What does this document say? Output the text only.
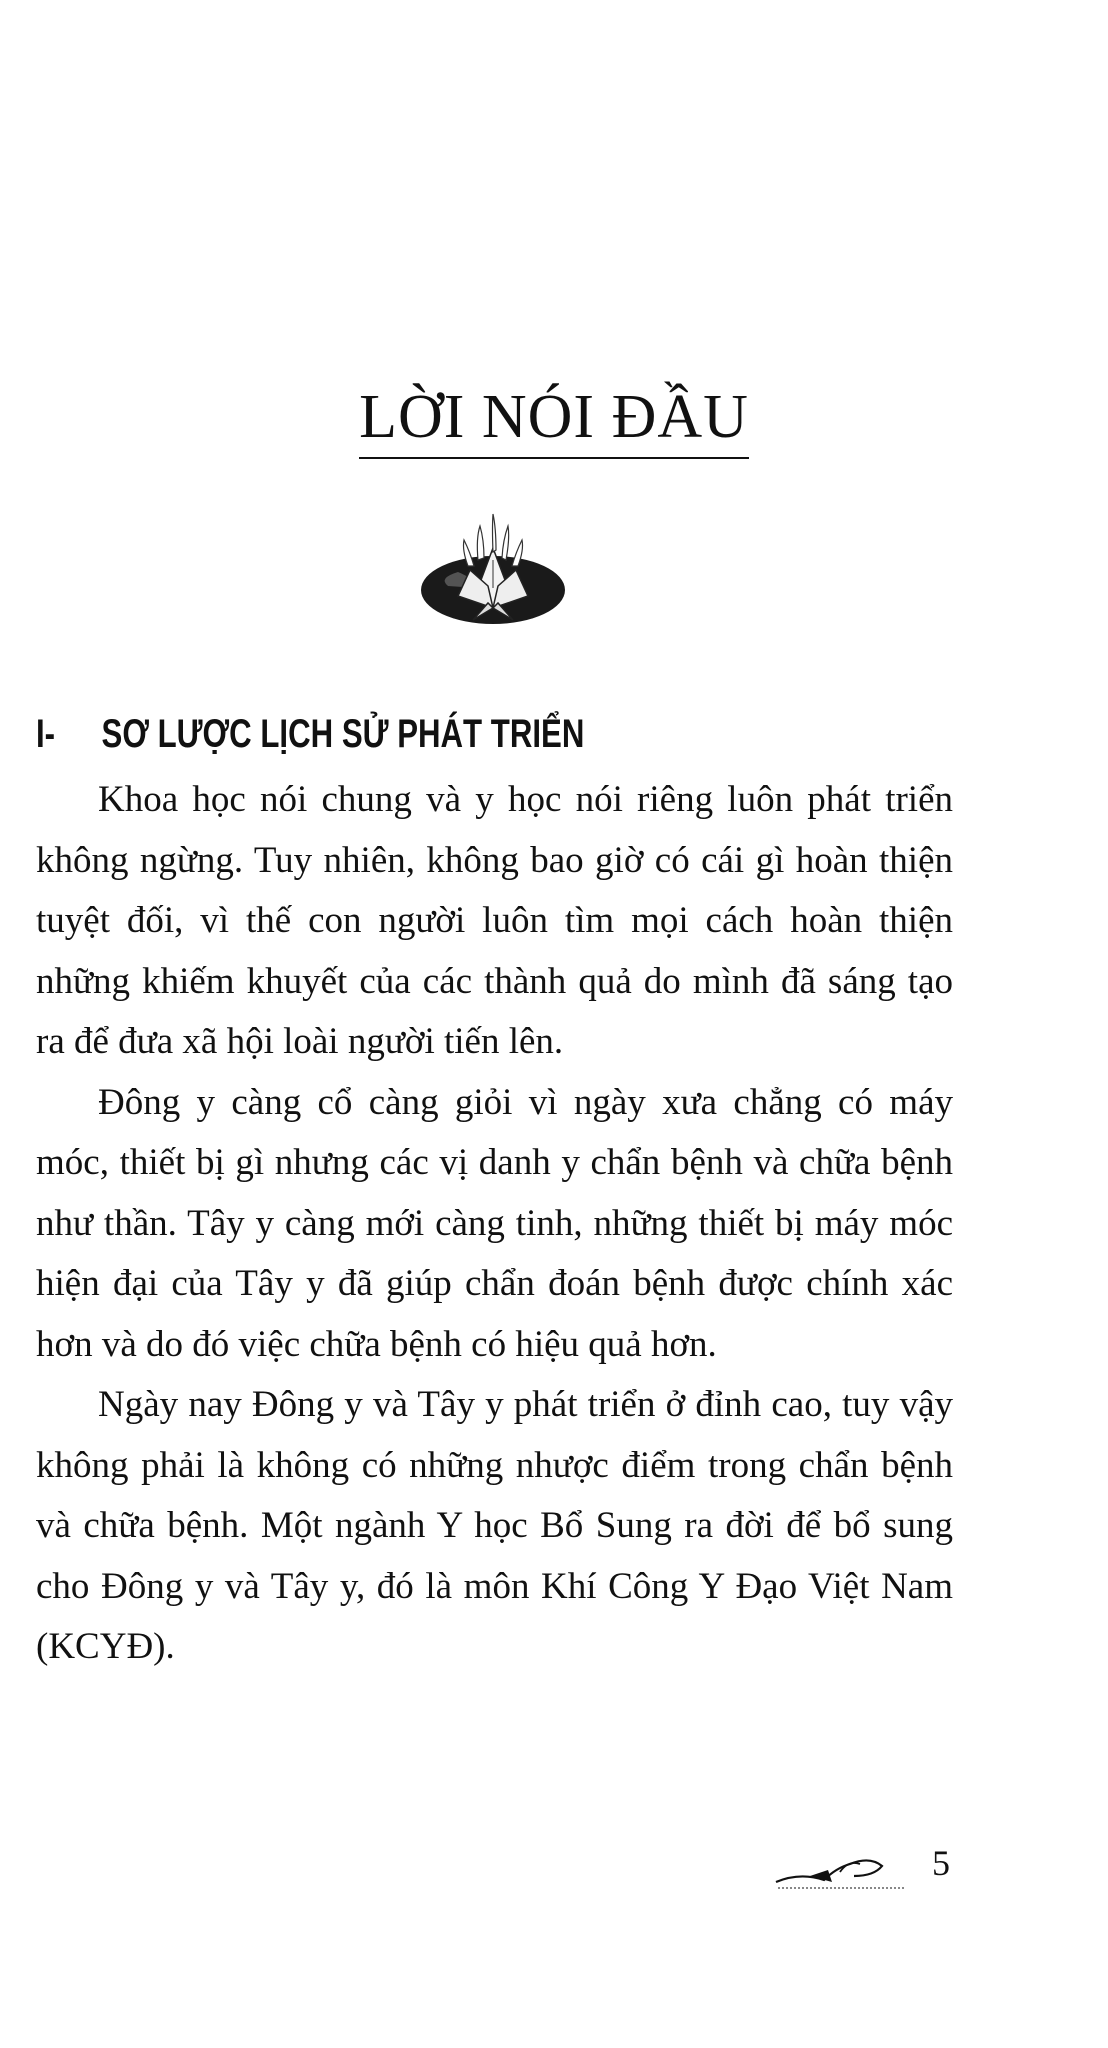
LỜI NÓI ĐẦU
I- SƠ LƯỢC LỊCH SỬ PHÁT TRIỂN

Khoa học nói chung và y học nói riêng luôn phát triển không ngừng. Tuy nhiên, không bao giờ có cái gì hoàn thiện tuyệt đối, vì thế con người luôn tìm mọi cách hoàn thiện những khiếm khuyết của các thành quả do mình đã sáng tạo ra để đưa xã hội loài người tiến lên.

Đông y càng cổ càng giỏi vì ngày xưa chẳng có máy móc, thiết bị gì nhưng các vị danh y chẩn bệnh và chữa bệnh như thần. Tây y càng mới càng tinh, những thiết bị máy móc hiện đại của Tây y đã giúp chẩn đoán bệnh được chính xác hơn và do đó việc chữa bệnh có hiệu quả hơn.

Ngày nay Đông y và Tây y phát triển ở đỉnh cao, tuy vậy không phải là không có những nhược điểm trong chẩn bệnh và chữa bệnh. Một ngành Y học Bổ Sung ra đời để bổ sung cho Đông y và Tây y, đó là môn Khí Công Y Đạo Việt Nam (KCYĐ).

5
